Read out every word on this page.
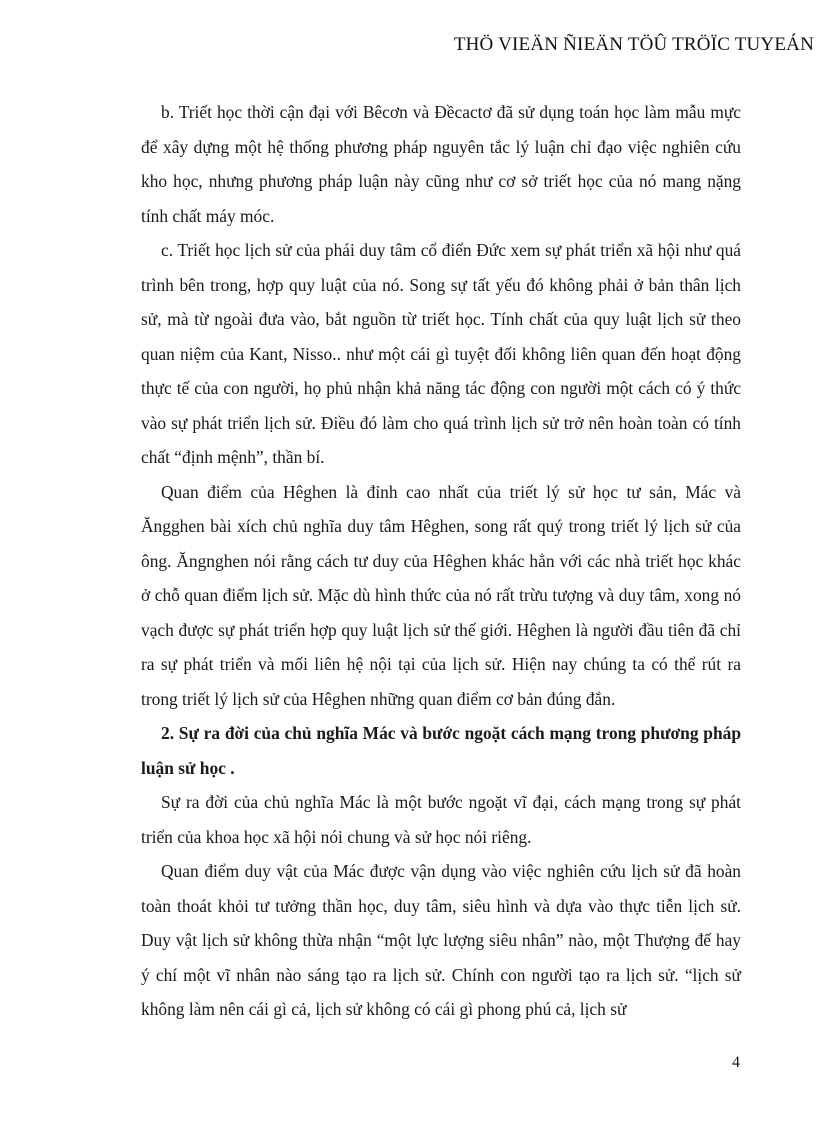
THÖ VIEÄN ÑIEÄN TÖÛ TRÖÏC TUYEÁN

b. Triết học thời cận đại với Bêcơn và Đềcactơ đã sử dụng toán học làm mẫu mực để xây dựng một hệ thống phương pháp nguyên tắc lý luận chỉ đạo việc nghiên cứu kho học, nhưng phương pháp luận này cũng như cơ sở triết học của nó mang nặng tính chất máy móc.

c. Triết học lịch sử của phái duy tâm cổ điển Đức xem sự phát triển xã hội như quá trình bên trong, hợp quy luật của nó. Song sự tất yếu đó không phải ở bản thân lịch sử, mà từ ngoài đưa vào, bắt nguồn từ triết học. Tính chất của quy luật lịch sử theo quan niệm của Kant, Nisso.. như một cái gì tuyệt đối không liên quan đến hoạt động thực tế của con người, họ phủ nhận khả năng tác động con người một cách có ý thức vào sự phát triển lịch sử. Điều đó làm cho quá trình lịch sử trở nên hoàn toàn có tính chất “định mệnh”, thần bí.

Quan điểm của Hêghen là đỉnh cao nhất của triết lý sử học tư sản, Mác và Ăngghen bài xích chủ nghĩa duy tâm Hêghen, song rất quý trong triết lý lịch sử của ông. Ăngnghen nói rằng cách tư duy của Hêghen khác hẳn với các nhà triết học khác ở chỗ quan điểm lịch sử. Mặc dù hình thức của nó rất trừu tượng và duy tâm, xong nó vạch được sự phát triển hợp quy luật lịch sử thế giới. Hêghen là người đầu tiên đã chỉ ra sự phát triển và mối liên hệ nội tại của lịch sử. Hiện nay chúng ta có thể rút ra trong triết lý lịch sử của Hêghen những quan điểm cơ bản đúng đắn.

2. Sự ra đời của chủ nghĩa Mác và bước ngoặt cách mạng trong phương pháp luận sử học .

Sự ra đời của chủ nghĩa Mác là một bước ngoặt vĩ đại, cách mạng trong sự phát triển của khoa học xã hội nói chung và sử học nói riêng.

Quan điểm duy vật của Mác được vận dụng vào việc nghiên cứu lịch sử đã hoàn toàn thoát khỏi tư tưởng thần học, duy tâm, siêu hình và dựa vào thực tiễn lịch sử. Duy vật lịch sử không thừa nhận “một lực lượng siêu nhân” nào, một Thượng đế hay ý chí một vĩ nhân nào sáng tạo ra lịch sử. Chính con người tạo ra lịch sử. “lịch sử không làm nên cái gì cả, lịch sử không có cái gì phong phú cả, lịch sử

4
